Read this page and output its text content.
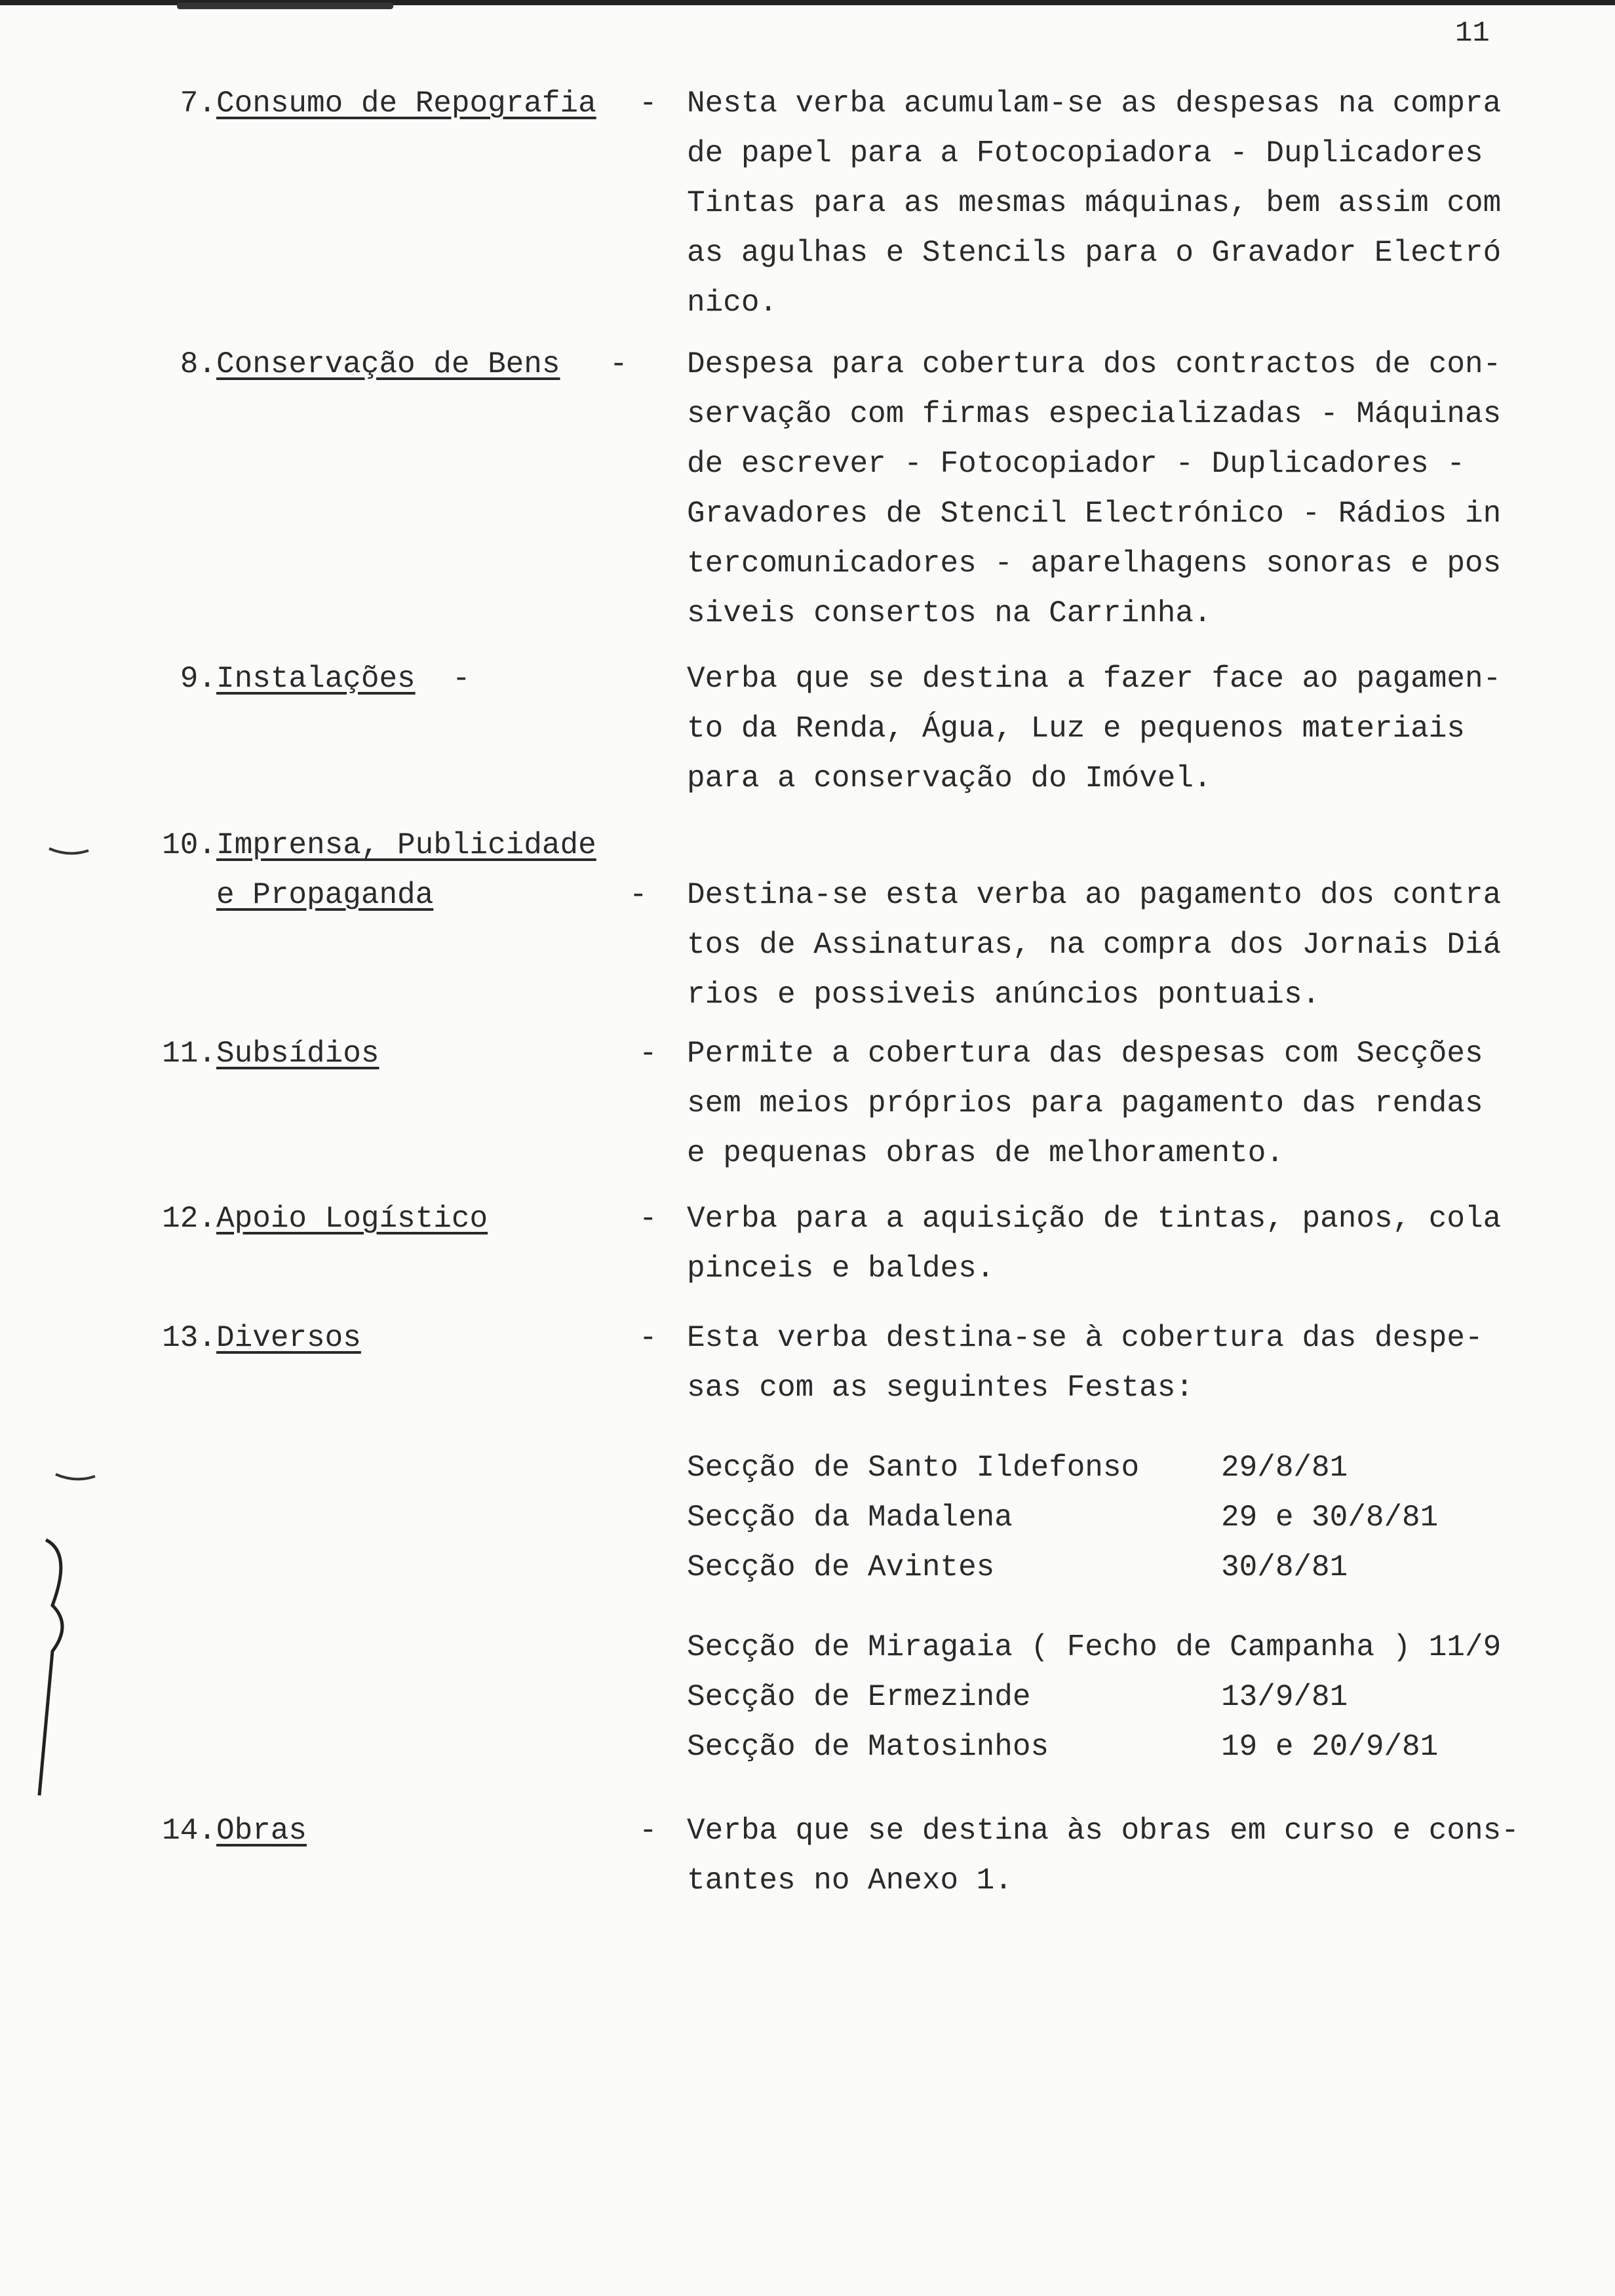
11
7. Consumo de Repografia - Nesta verba acumulam-se as despesas na compra
de papel para a Fotocopiadora - Duplicadores
Tintas para as mesmas máquinas, bem assim com
as agulhas e Stencils para o Gravador Electró
nico.
8. Conservação de Bens - Despesa para cobertura dos contractos de con-
servação com firmas especializadas - Máquinas
de escrever - Fotocopiador - Duplicadores -
Gravadores de Stencil Electrónico - Rádios in
tercomunicadores - aparelhagens sonoras e pos
siveis consertos na Carrinha.
9. Instalações -	Verba que se destina a fazer face ao pagamen-
to da Renda, Água, Luz e pequenos materiais
para a conservação do Imóvel.
10. Imprensa, Publicidade
e Propaganda	- Destina-se esta verba ao pagamento dos contra
tos de Assinaturas, na compra dos Jornais Diá
rios e possiveis anúncios pontuais.
11. Subsídios	- Permite a cobertura das despesas com Secções
sem meios próprios para pagamento das rendas
e pequenas obras de melhoramento.
12. Apoio Logístico	- Verba para a aquisição de tintas, panos, cola
pinceis e baldes.
13. Diversos	- Esta verba destina-se à cobertura das despe-
sas com as seguintes Festas:
Secção de Santo Ildefonso	29/8/81
Secção da Madalena	29 e 30/8/81
Secção de Avintes	30/8/81
Secção de Miragaia ( Fecho de Campanha ) 11/9
Secção de Ermezinde	13/9/81
Secção de Matosinhos	19 e 20/9/81
14. Obras	- Verba que se destina às obras em curso e cons-
tantes no Anexo 1.
